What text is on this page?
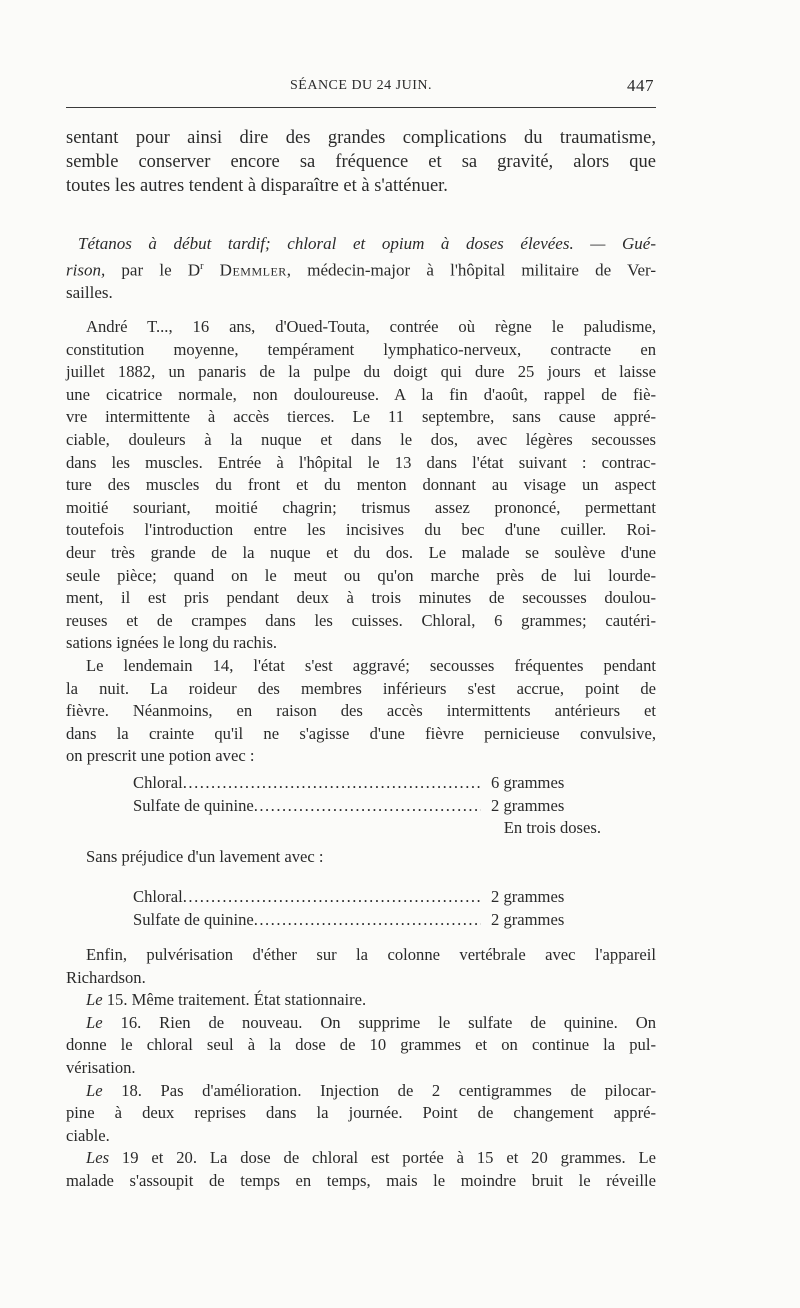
SÉANCE DU 24 JUIN.	447
sentant pour ainsi dire des grandes complications du traumatisme,
semble conserver encore sa fréquence et sa gravité, alors que
toutes les autres tendent à disparaître et à s'atténuer.
Tétanos à début tardif; chloral et opium à doses élevées. — Gué-
rison, par le $D^r$ Demmler, médecin-major à l'hôpital militaire de Ver-
sailles.
André T..., 16 ans, d'Oued-Touta, contrée où règne le paludisme,
constitution moyenne, tempérament lymphatico-nerveux, contracte en
juillet 1882, un panaris de la pulpe du doigt qui dure 25 jours et laisse
une cicatrice normale, non douloureuse. A la fin d'août, rappel de fiè-
vre intermittente à accès tierces. Le 11 septembre, sans cause appré-
ciable, douleurs à la nuque et dans le dos, avec légères secousses
dans les muscles. Entrée à l'hôpital le 13 dans l'état suivant : contrac-
ture des muscles du front et du menton donnant au visage un aspect
moitié souriant, moitié chagrin; trismus assez prononcé, permettant
toutefois l'introduction entre les incisives du bec d'une cuiller. Roi-
deur très grande de la nuque et du dos. Le malade se soulève d'une
seule pièce; quand on le meut ou qu'on marche près de lui lourde-
ment, il est pris pendant deux à trois minutes de secousses doulou-
reuses et de crampes dans les cuisses. Chloral, 6 grammes; cautéri-
sations ignées le long du rachis.
Le lendemain 14, l'état s'est aggravé; secousses fréquentes pendant
la nuit. La roideur des membres inférieurs s'est accrue, point de
fièvre. Néanmoins, en raison des accès intermittents antérieurs et
dans la crainte qu'il ne s'agisse d'une fièvre pernicieuse convulsive,
on prescrit une potion avec :
Chloral .....	6 grammes
Sulfate de quinine .....	2 grammes
En trois doses.
Sans préjudice d'un lavement avec :
Chloral .....	2 grammes
Sulfate de quinine .....	2 grammes
Enfin, pulvérisation d'éther sur la colonne vertébrale avec l'appareil
Richardson.
Le 15. Même traitement. État stationnaire.
Le 16. Rien de nouveau. On supprime le sulfate de quinine. On
donne le chloral seul à la dose de 10 grammes et on continue la pul-
vérisation.
Le 18. Pas d'amélioration. Injection de 2 centigrammes de pilocar-
pine à deux reprises dans la journée. Point de changement appré-
ciable.
Les 19 et 20. La dose de chloral est portée à 15 et 20 grammes. Le
malade s'assoupit de temps en temps, mais le moindre bruit le réveille
